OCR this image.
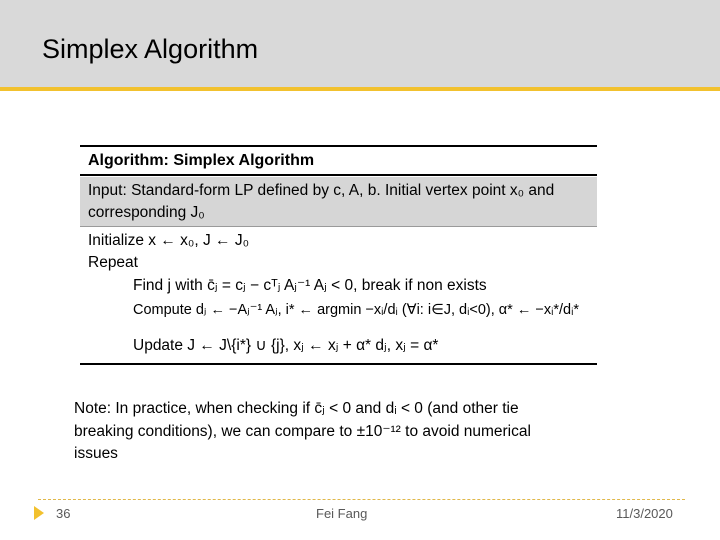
Simplex Algorithm
Algorithm: Simplex Algorithm
Input: Standard-form LP defined by c, A, b. Initial vertex point x₀ and
corresponding J₀
Initialize x ← x₀, J ← J₀
Repeat
Find j with c̄ⱼ = cⱼ − cᵀⱼ Aⱼ⁻¹ Aⱼ < 0, break if non exists
Compute dⱼ ← −Aⱼ⁻¹ Aⱼ, i* ← argmin −xᵢ/dᵢ (∀i: i∈J, dᵢ<0), α* ← −xᵢ*/dᵢ*
Update J ← J\{i*} ∪ {j}, xⱼ ← xⱼ + α* dⱼ, xⱼ = α*
Note: In practice, when checking if c̄ⱼ < 0 and dᵢ < 0 (and other tie
breaking conditions), we can compare to ±10⁻¹² to avoid numerical
issues
36	Fei Fang	11/3/2020
